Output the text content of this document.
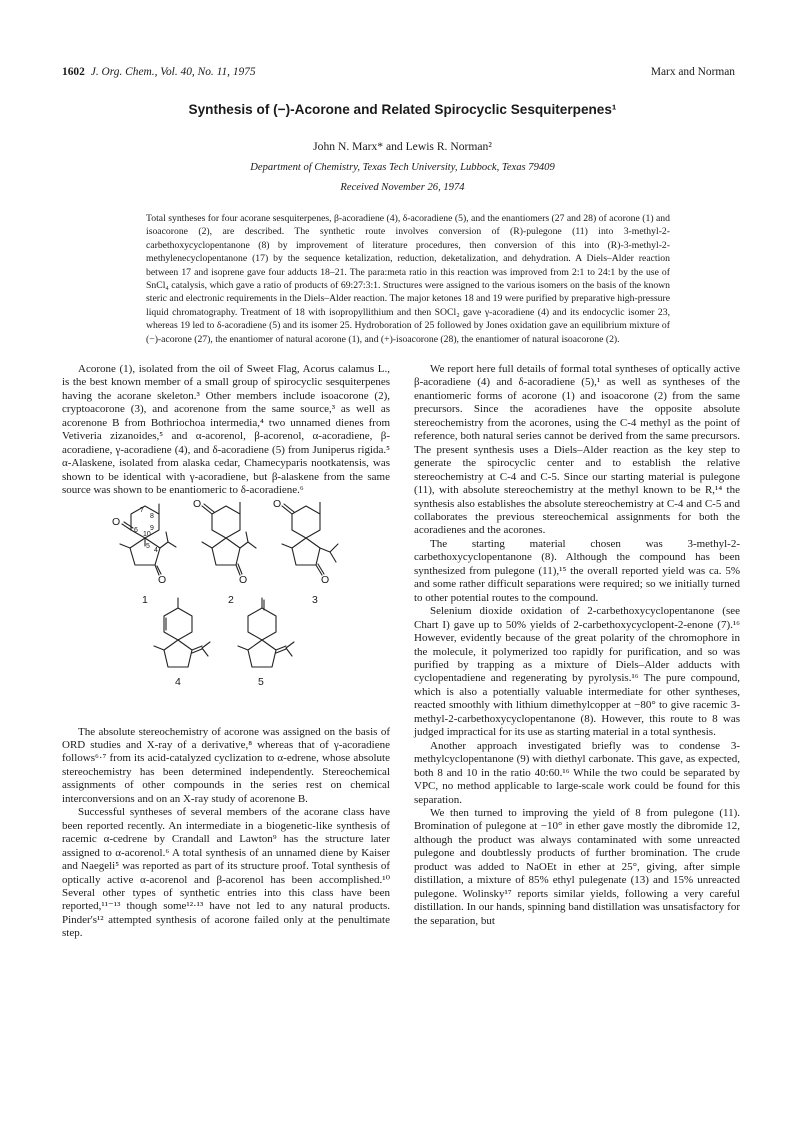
1602 J. Org. Chem., Vol. 40, No. 11, 1975	Marx and Norman
Synthesis of (−)-Acorone and Related Spirocyclic Sesquiterpenes¹
John N. Marx* and Lewis R. Norman²
Department of Chemistry, Texas Tech University, Lubbock, Texas 79409
Received November 26, 1974
Total syntheses for four acorane sesquiterpenes, β-acoradiene (4), δ-acoradiene (5), and the enantiomers (27 and 28) of acorone (1) and isoacorone (2), are described. The synthetic route involves conversion of (R)-pulegone (11) into 3-methyl-2-carbethoxycyclopentanone (8) by improvement of literature procedures, then conversion of this into (R)-3-methyl-2-methylenecyclopentanone (17) by the sequence ketalization, reduction, deketalization, and dehydration. A Diels–Alder reaction between 17 and isoprene gave four adducts 18–21. The para:meta ratio in this reaction was improved from 2:1 to 24:1 by the use of SnCl₄ catalysis, which gave a ratio of products of 69:27:3:1. Structures were assigned to the various isomers on the basis of the known steric and electronic requirements in the Diels–Alder reaction. The major ketones 18 and 19 were purified by preparative high-pressure liquid chromatography. Treatment of 18 with isopropyllithium and then SOCl₂ gave γ-acoradiene (4) and its endocyclic isomer 23, whereas 19 led to δ-acoradiene (5) and its isomer 25. Hydroboration of 25 followed by Jones oxidation gave an equilibrium mixture of (−)-acorone (27), the enantiomer of natural acorone (1), and (+)-isoacorone (28), the enantiomer of natural isoacorone (2).

Acorone (1), isolated from the oil of Sweet Flag, Acorus calamus L., is the best known member of a small group of spirocyclic sesquiterpenes having the acorane skeleton.³ Other members include isoacorone (2), cryptoacorone (3), and acorenone from the same source,³ as well as acorenone B from Bothriochoa intermedia,⁴ two unnamed dienes from Vetiveria zizanoides,⁵ and α-acorenol, β-acorenol, α-acoradiene, β-acoradiene, γ-acoradiene (4), and δ-acoradiene (5) from Juniperus rigida.⁵ α-Alaskene, isolated from alaska cedar, Chamecyparis nootkatensis, was shown to be identical with γ-acoradiene, but β-alaskene from the same source was shown to be enantiomeric to δ-acoradiene.⁶

O
O
O
O
O
O
7
8
9
10
6
5
4
1	2	3
4	5

The absolute stereochemistry of acorone was assigned on the basis of ORD studies and X-ray of a derivative,⁸ whereas that of γ-acoradiene follows⁶·⁷ from its acid-catalyzed cyclization to α-edrene, whose absolute stereochemistry has been determined independently. Stereochemical assignments of other compounds in the series rest on chemical interconversions and on an X-ray study of acorenone B.

Successful syntheses of several members of the acorane class have been reported recently. An intermediate in a biogenetic-like synthesis of racemic α-cedrene by Crandall and Lawton⁹ has the structure later assigned to α-acorenol.⁶ A total synthesis of an unnamed diene by Kaiser and Naegeli⁵ was reported as part of its structure proof. Total synthesis of optically active α-acorenol and β-acorenol has been accomplished.¹⁰ Several other types of synthetic entries into this class have been reported,¹¹⁻¹³ though some¹²·¹³ have not led to any natural products. Pinder's¹² attempted synthesis of acorone failed only at the penultimate step.

We report here full details of formal total syntheses of optically active β-acoradiene (4) and δ-acoradiene (5),¹ as well as syntheses of the enantiomeric forms of acorone (1) and isoacorone (2) from the same precursors. Since the acoradienes have the opposite absolute stereochemistry from the acorones, using the C-4 methyl as the point of reference, both natural series cannot be derived from the same precursors. The present synthesis uses a Diels–Alder reaction as the key step to generate the spirocyclic center and to establish the relative stereochemistry at C-4 and C-5. Since our starting material is pulegone (11), with absolute stereochemistry at the methyl known to be R,¹⁴ the synthesis also establishes the absolute stereochemistry at C-4 and C-5 and collaborates the previous stereochemical assignments for both the acoradienes and the acorones.

The starting material chosen was 3-methyl-2-carbethoxycyclopentanone (8). Although the compound has been synthesized from pulegone (11),¹⁵ the overall reported yield was ca. 5% and some rather difficult separations were required; so we initially turned to other potential routes to the compound.

Selenium dioxide oxidation of 2-carbethoxycyclopentanone (see Chart I) gave up to 50% yields of 2-carbethoxycyclopent-2-enone (7).¹⁶ However, evidently because of the great polarity of the chromophore in the molecule, it polymerized too rapidly for purification, and so was purified by trapping as a mixture of Diels–Alder adducts with cyclopentadiene and regenerating by pyrolysis.¹⁶ The pure compound, which is also a potentially valuable intermediate for other syntheses, reacted smoothly with lithium dimethylcopper at −80° to give racemic 3-methyl-2-carbethoxycyclopentanone (8). However, this route to 8 was judged impractical for its use as starting material in a total synthesis.

Another approach investigated briefly was to condense 3-methylcyclopentanone (9) with diethyl carbonate. This gave, as expected, both 8 and 10 in the ratio 40:60.¹⁶ While the two could be separated by VPC, no method applicable to large-scale work could be found for this separation.

We then turned to improving the yield of 8 from pulegone (11). Bromination of pulegone at −10° in ether gave mostly the dibromide 12, although the product was always contaminated with some unreacted pulegone and doubtlessly products of further bromination. The crude product was added to NaOEt in ether at 25°, giving, after simple distillation, a mixture of 85% ethyl pulegenate (13) and 15% unreacted pulegone. Wolinsky¹⁷ reports similar yields, following a very careful distillation. In our hands, spinning band distillation was unsatisfactory for the separation, but
